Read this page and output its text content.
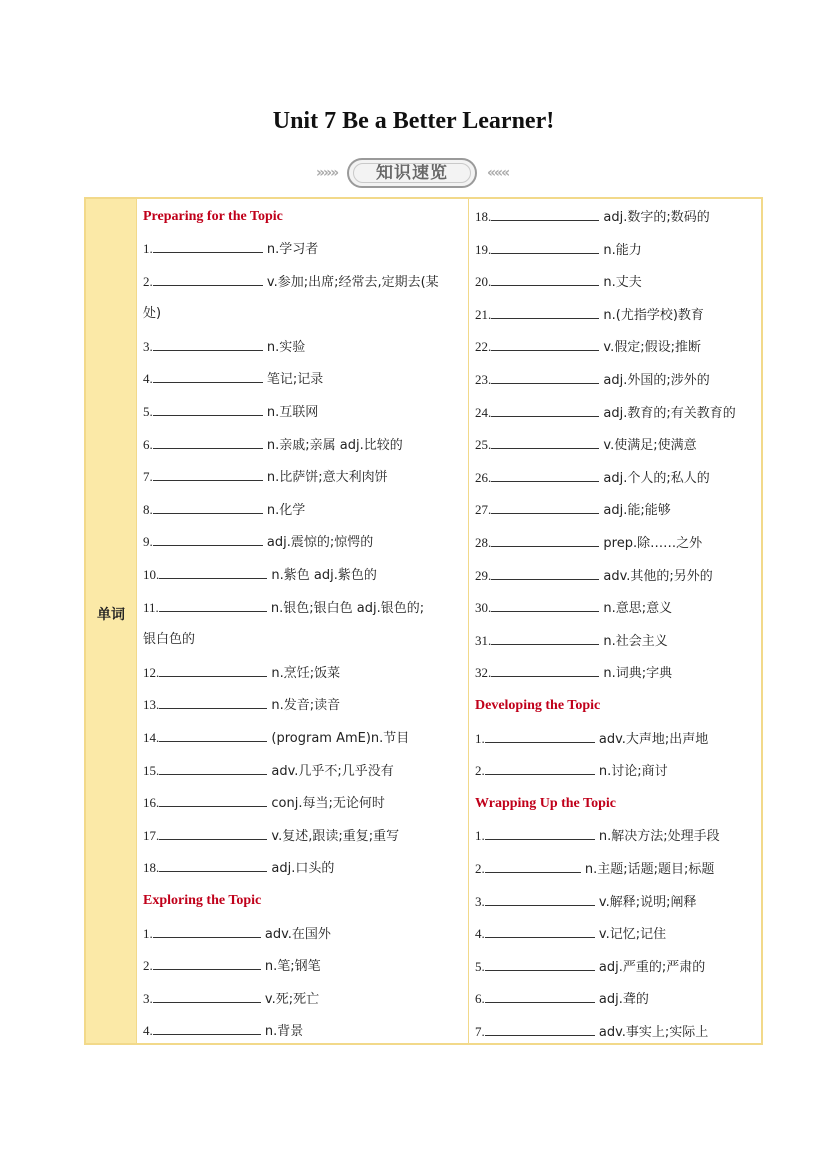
Unit 7 Be a Better Learner!
»»»	知识速览	«««
单词
Preparing for the Topic
1.	n.学习者
2.	v.参加;出席;经常去,定期去(某
处)
3.	n.实验
4.	笔记;记录
5.	n.互联网
6.	n.亲戚;亲属 adj.比较的
7.	n.比萨饼;意大利肉饼
8.	n.化学
9.	adj.震惊的;惊愕的
10.	n.紫色 adj.紫色的
11.	n.银色;银白色 adj.银色的;
银白色的
12.	n.烹饪;饭菜
13.	n.发音;读音
14.	(program AmE)n.节目
15.	adv.几乎不;几乎没有
16.	conj.每当;无论何时
17.	v.复述,跟读;重复;重写
18.	adj.口头的
Exploring the Topic
1.	adv.在国外
2.	n.笔;钢笔
3.	v.死;死亡
4.	n.背景
18.	adj.数字的;数码的
19.	n.能力
20.	n.丈夫
21.	n.(尤指学校)教育
22.	v.假定;假设;推断
23.	adj.外国的;涉外的
24.	adj.教育的;有关教育的
25.	v.使满足;使满意
26.	adj.个人的;私人的
27.	adj.能;能够
28.	prep.除……之外
29.	adv.其他的;另外的
30.	n.意思;意义
31.	n.社会主义
32.	n.词典;字典
Developing the Topic
1.	adv.大声地;出声地
2.	n.讨论;商讨
Wrapping Up the Topic
1.	n.解决方法;处理手段
2.	n.主题;话题;题目;标题
3.	v.解释;说明;阐释
4.	v.记忆;记住
5.	adj.严重的;严肃的
6.	adj.聋的
7.	adv.事实上;实际上
